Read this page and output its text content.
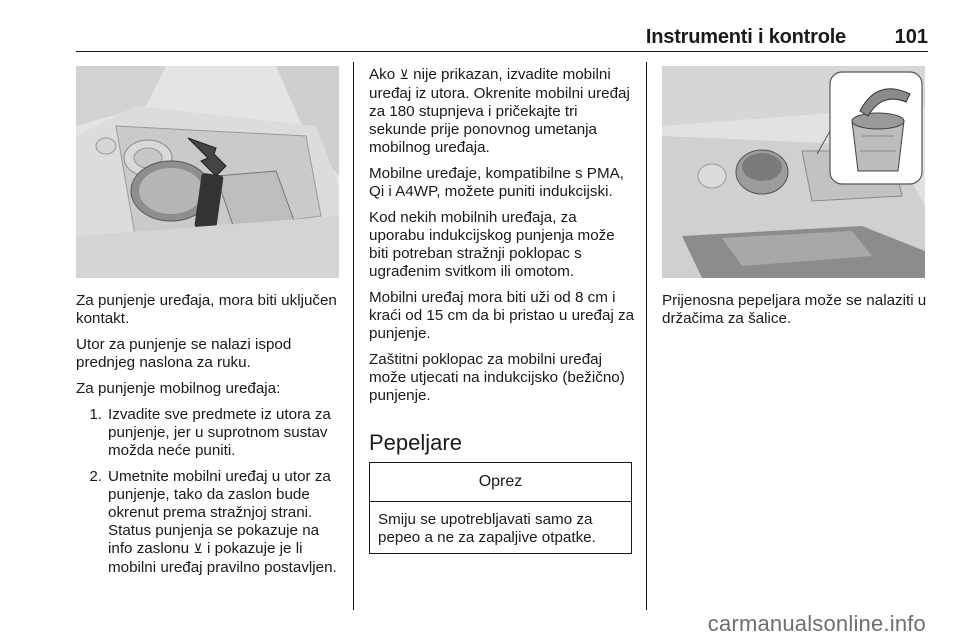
Instrumenti i kontrole 101

Za punjenje uređaja, mora biti uključen kontakt.

Utor za punjenje se nalazi ispod prednjeg naslona za ruku.

Za punjenje mobilnog uređaja:

1. Izvadite sve predmete iz utora za punjenje, jer u suprotnom sustav možda neće puniti.
2. Umetnite mobilni uređaj u utor za punjenje, tako da zaslon bude okrenut prema stražnjoj strani. Status punjenja se pokazuje na info zaslonu ⊻ i pokazuje je li mobilni uređaj pravilno postavljen.

Ako ⊻ nije prikazan, izvadite mobilni uređaj iz utora. Okrenite mobilni uređaj za 180 stupnjeva i pričekajte tri sekunde prije ponovnog umetanja mobilnog uređaja.

Mobilne uređaje, kompatibilne s PMA, Qi i A4WP, možete puniti indukcijski.

Kod nekih mobilnih uređaja, za uporabu indukcijskog punjenja može biti potreban stražnji poklopac s ugrađenim svitkom ili omotom.

Mobilni uređaj mora biti uži od 8 cm i kraći od 15 cm da bi pristao u uređaj za punjenje.

Zaštitni poklopac za mobilni uređaj može utjecati na indukcijsko (bežično) punjenje.

Pepeljare
Oprez
Smiju se upotrebljavati samo za pepeo a ne za zapaljive otpatke.

Prijenosna pepeljara može se nalaziti u držačima za šalice.

carmanualsonline.info
